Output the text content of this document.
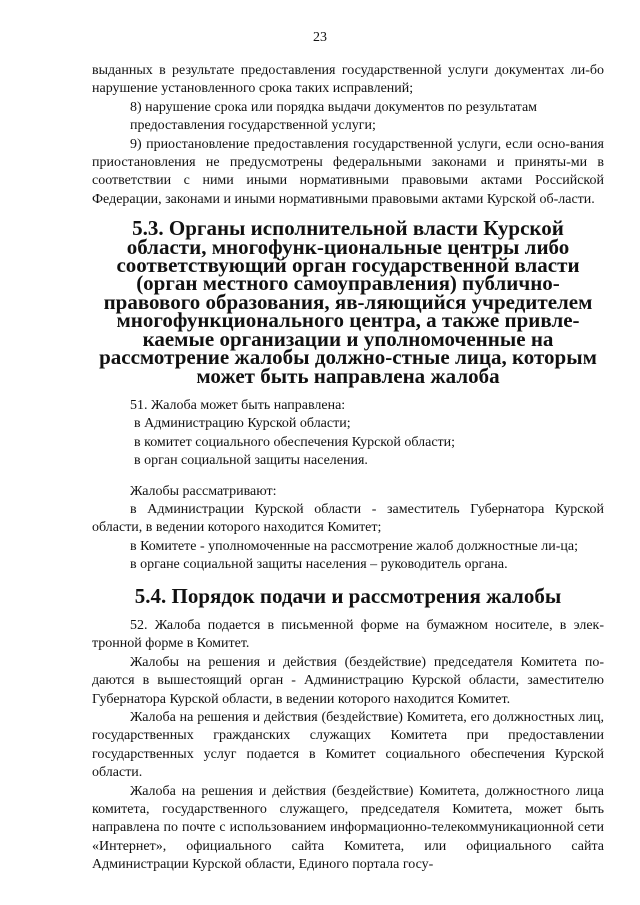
23

выданных в результате предоставления государственной услуги документах ли-бо нарушение установленного срока таких исправлений;

8) нарушение срока или порядка выдачи документов по результатам

предоставления государственной услуги;

9) приостановление предоставления государственной услуги, если осно-вания приостановления не предусмотрены федеральными законами и приняты-ми в соответствии с ними иными нормативными правовыми актами Российской Федерации, законами и иными нормативными правовыми актами Курской об-ласти.

5.3. Органы исполнительной власти Курской области, многофунк-циональные центры либо соответствующий орган государственной власти (орган местного самоуправления) публично-правового образования, яв-ляющийся учредителем многофункционального центра, а также привле-каемые организации и уполномоченные на рассмотрение жалобы должно-стные лица, которым может быть направлена жалоба

51. Жалоба может быть направлена:

в Администрацию Курской области;

в комитет социального обеспечения Курской области;

в орган социальной защиты населения.

Жалобы рассматривают:

в Администрации Курской области - заместитель Губернатора Курской области, в ведении которого находится Комитет;

в Комитете - уполномоченные на рассмотрение жалоб должностные ли-ца;

в органе социальной защиты населения – руководитель органа.

5.4. Порядок подачи и рассмотрения жалобы

52. Жалоба подается в письменной форме на бумажном носителе, в элек-тронной форме в Комитет.

Жалобы на решения и действия (бездействие) председателя Комитета по-даются в вышестоящий орган - Администрацию Курской области, заместителю Губернатора Курской области, в ведении которого находится Комитет.

Жалоба на решения и действия (бездействие) Комитета, его должностных лиц, государственных гражданских служащих Комитета при предоставлении государственных услуг подается в Комитет социального обеспечения Курской области.

Жалоба на решения и действия (бездействие) Комитета, должностного лица комитета, государственного служащего, председателя Комитета, может быть направлена по почте с использованием информационно-телекоммуникационной сети «Интернет», официального сайта Комитета, или официального сайта Администрации Курской области, Единого портала госу-
